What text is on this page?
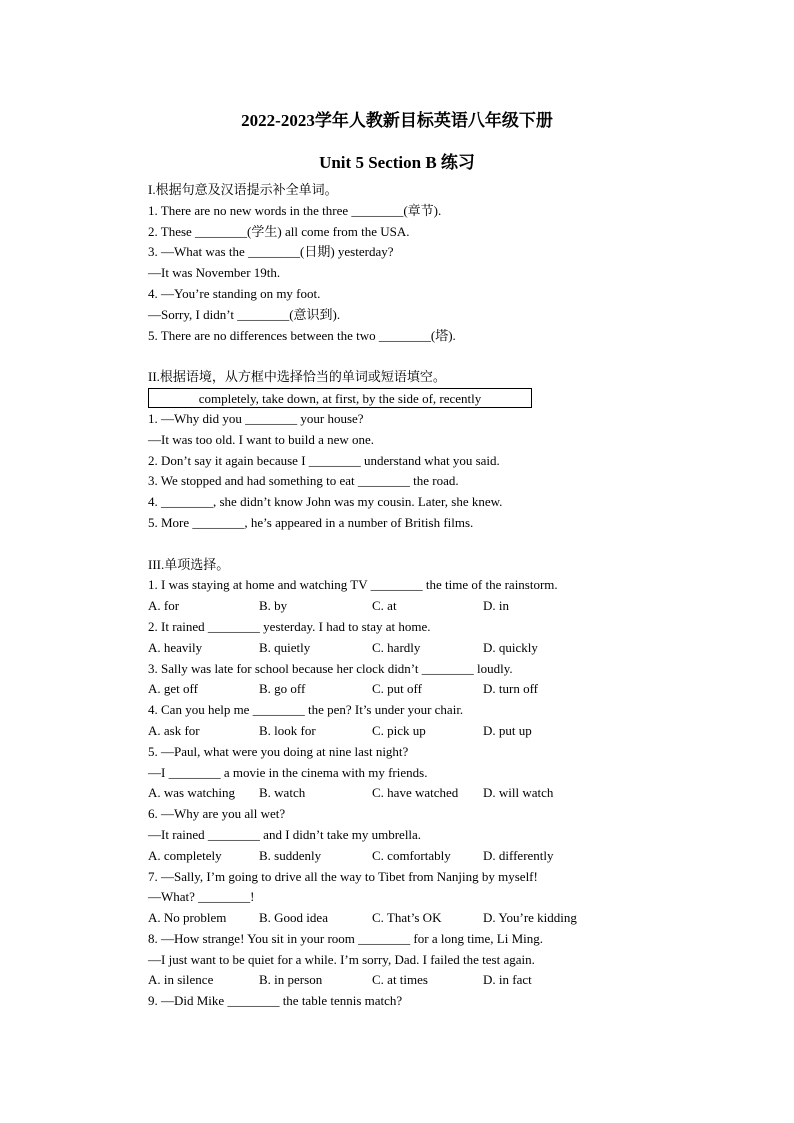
2022-2023学年人教新目标英语八年级下册
Unit 5 Section B 练习
I.根据句意及汉语提示补全单词。
1. There are no new words in the three ________(章节).
2. These ________(学生) all come from the USA.
3. —What was the ________(日期) yesterday?
—It was November 19th.
4. —You’re standing on my foot.
—Sorry, I didn’t ________(意识到).
5. There are no differences between the two ________(塔).
II.根据语境，从方框中选择恰当的单词或短语填空。
completely, take down, at first, by the side of, recently
1. —Why did you ________ your house?
—It was too old. I want to build a new one.
2. Don’t say it again because I ________ understand what you said.
3. We stopped and had something to eat ________ the road.
4. ________, she didn’t know John was my cousin. Later, she knew.
5. More ________, he’s appeared in a number of British films.
III.单项选择。
1. I was staying at home and watching TV ________ the time of the rainstorm.
A. for	B. by	C. at	D. in
2. It rained ________ yesterday. I had to stay at home.
A. heavily	B. quietly	C. hardly	D. quickly
3. Sally was late for school because her clock didn’t ________ loudly.
A. get off	B. go off	C. put off	D. turn off
4. Can you help me ________ the pen? It’s under your chair.
A. ask for	B. look for	C. pick up	D. put up
5. —Paul, what were you doing at nine last night?
—I ________ a movie in the cinema with my friends.
A. was watching B. watch	C. have watched D. will watch
6. —Why are you all wet?
—It rained ________ and I didn’t take my umbrella.
A. completely	B. suddenly	C. comfortably D. differently
7. —Sally, I’m going to drive all the way to Tibet from Nanjing by myself!
—What? ________!
A. No problem	B. Good idea	C. That’s OK	D. You’re kidding
8. —How strange! You sit in your room ________ for a long time, Li Ming.
—I just want to be quiet for a while. I’m sorry, Dad. I failed the test again.
A. in silence	B. in person	C. at times	D. in fact
9. —Did Mike ________ the table tennis match?
